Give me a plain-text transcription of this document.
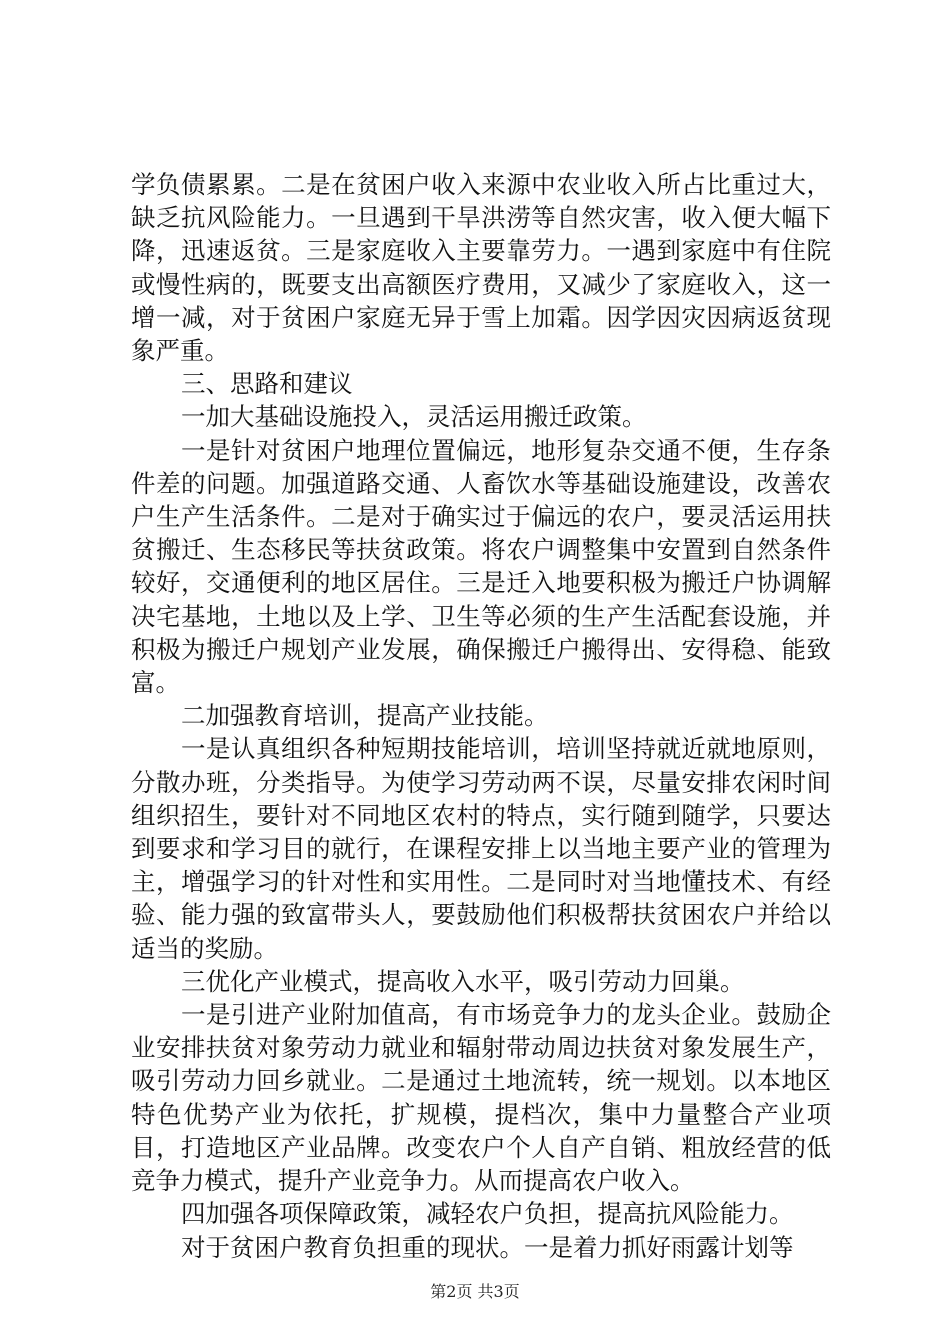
学负债累累。二是在贫困户收入来源中农业收入所占比重过大，缺乏抗风险能力。一旦遇到干旱洪涝等自然灾害，收入便大幅下降，迅速返贫。三是家庭收入主要靠劳力。一遇到家庭中有住院或慢性病的，既要支出高额医疗费用，又减少了家庭收入，这一增一减，对于贫困户家庭无异于雪上加霜。因学因灾因病返贫现象严重。

三、思路和建议

一加大基础设施投入，灵活运用搬迁政策。

一是针对贫困户地理位置偏远，地形复杂交通不便，生存条件差的问题。加强道路交通、人畜饮水等基础设施建设，改善农户生产生活条件。二是对于确实过于偏远的农户，要灵活运用扶贫搬迁、生态移民等扶贫政策。将农户调整集中安置到自然条件较好，交通便利的地区居住。三是迁入地要积极为搬迁户协调解决宅基地，土地以及上学、卫生等必须的生产生活配套设施，并积极为搬迁户规划产业发展，确保搬迁户搬得出、安得稳、能致富。

二加强教育培训，提高产业技能。

一是认真组织各种短期技能培训，培训坚持就近就地原则，分散办班，分类指导。为使学习劳动两不误，尽量安排农闲时间组织招生，要针对不同地区农村的特点，实行随到随学，只要达到要求和学习目的就行，在课程安排上以当地主要产业的管理为主，增强学习的针对性和实用性。二是同时对当地懂技术、有经验、能力强的致富带头人，要鼓励他们积极帮扶贫困农户并给以适当的奖励。

三优化产业模式，提高收入水平，吸引劳动力回巢。

一是引进产业附加值高，有市场竞争力的龙头企业。鼓励企业安排扶贫对象劳动力就业和辐射带动周边扶贫对象发展生产，吸引劳动力回乡就业。二是通过土地流转，统一规划。以本地区特色优势产业为依托，扩规模，提档次，集中力量整合产业项目，打造地区产业品牌。改变农户个人自产自销、粗放经营的低竞争力模式，提升产业竞争力。从而提高农户收入。

四加强各项保障政策，减轻农户负担，提高抗风险能力。

对于贫困户教育负担重的现状。一是着力抓好雨露计划等

第2页 共3页
